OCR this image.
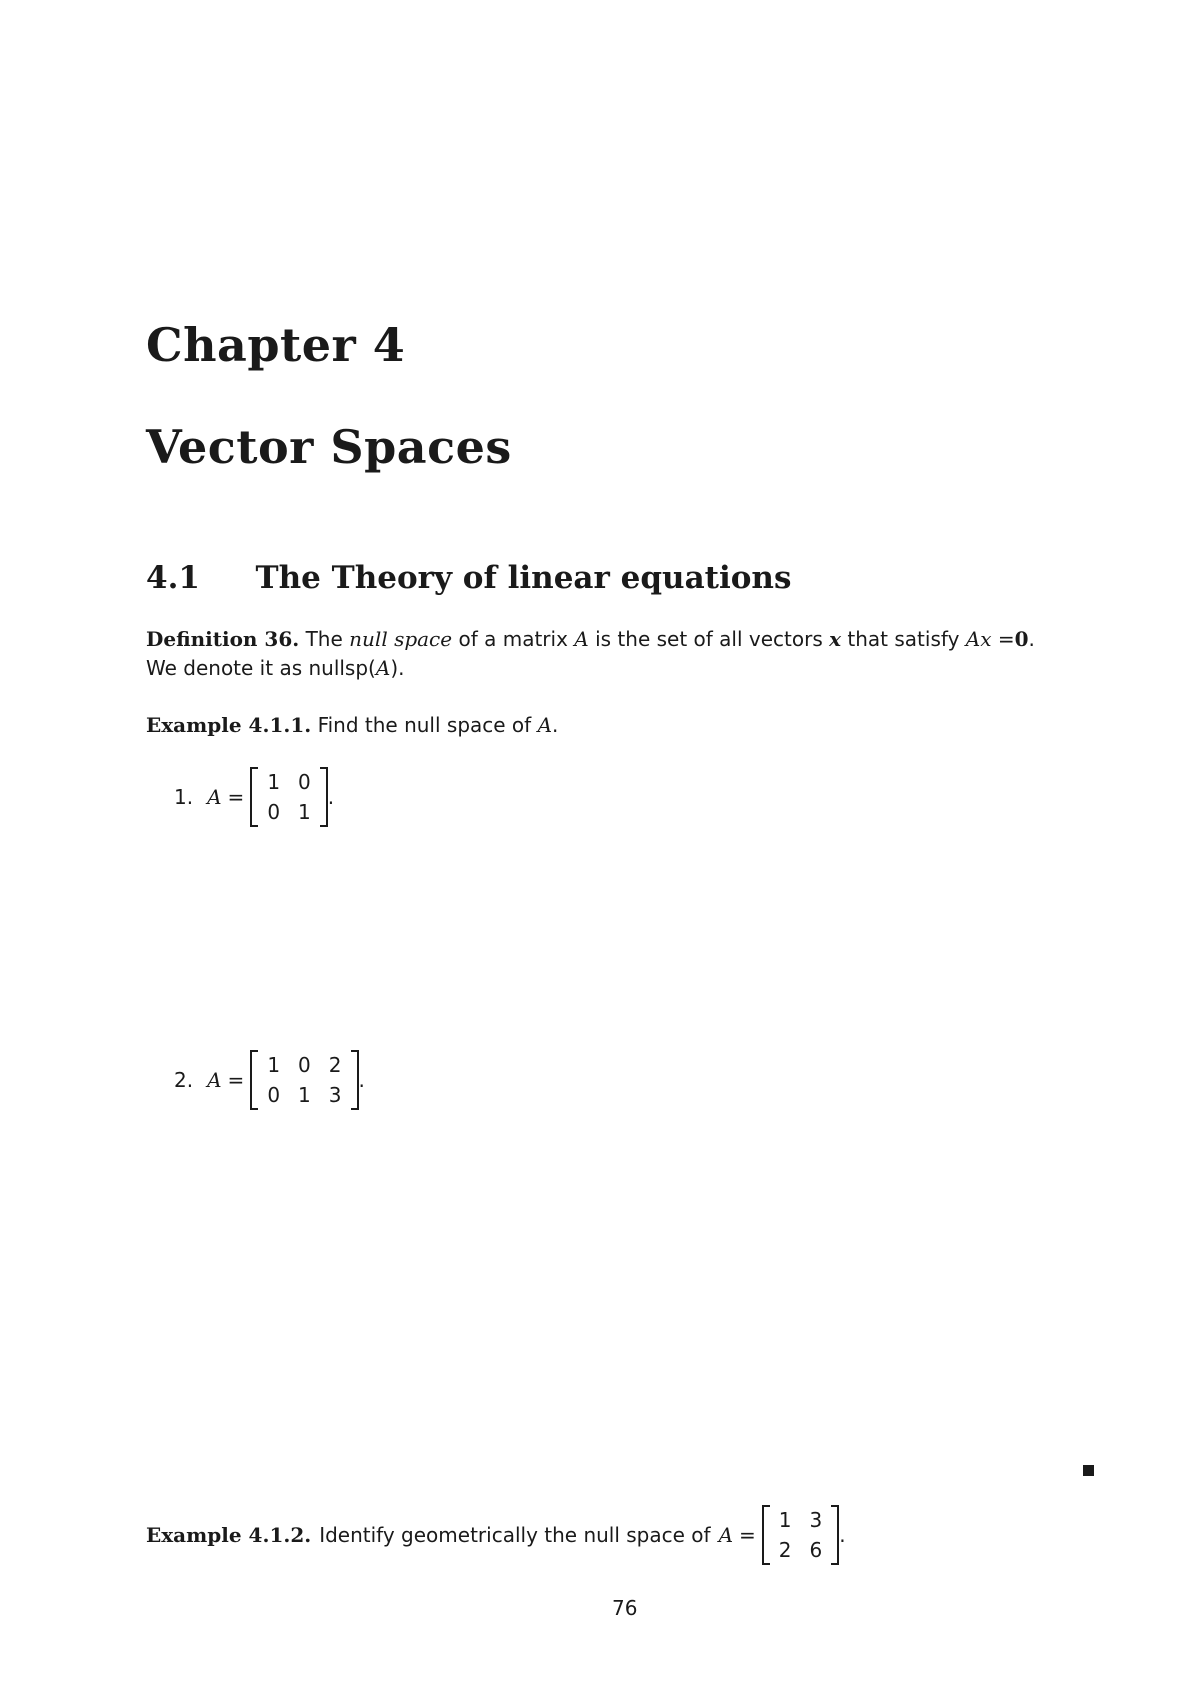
Chapter 4
Vector Spaces
4.1 The Theory of linear equations
Definition 36. The null space of a matrix A is the set of all vectors x that satisfy Ax =0.
We denote it as nullsp(A).
Example 4.1.1. Find the null space of A.
1. A =
1	0
0	1
.
2. A =
1	0	2
0	1	3
.
Example 4.1.2. Identify geometrically the null space of A =
1	3
2	6
.
76
